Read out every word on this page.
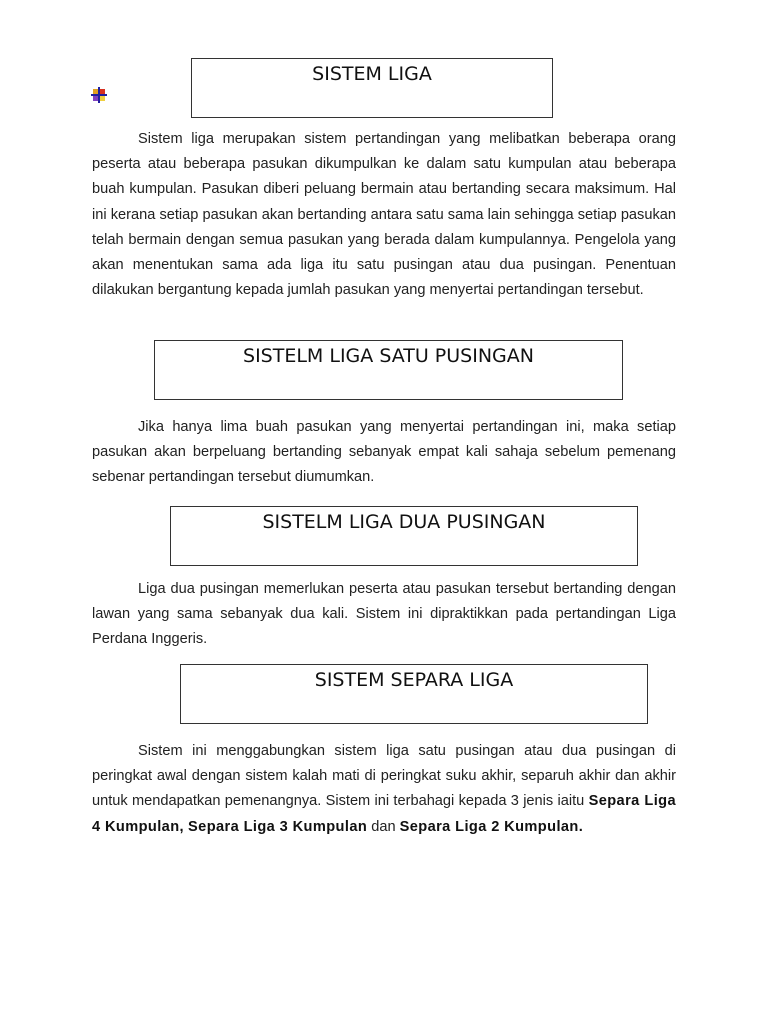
SISTEM LIGA

Sistem liga merupakan sistem pertandingan yang melibatkan beberapa orang peserta atau beberapa pasukan dikumpulkan ke dalam satu kumpulan atau beberapa buah kumpulan. Pasukan diberi peluang bermain atau bertanding secara maksimum. Hal ini kerana setiap pasukan akan bertanding antara satu sama lain sehingga setiap pasukan telah bermain dengan semua pasukan yang berada dalam kumpulannya. Pengelola yang akan menentukan sama ada liga itu satu pusingan atau dua pusingan. Penentuan dilakukan bergantung kepada jumlah pasukan yang menyertai pertandingan tersebut.

SISTELM LIGA SATU PUSINGAN

Jika hanya lima buah pasukan yang menyertai pertandingan ini, maka setiap pasukan akan berpeluang bertanding sebanyak empat kali sahaja sebelum pemenang sebenar pertandingan tersebut diumumkan.

SISTELM LIGA DUA PUSINGAN

Liga dua pusingan memerlukan peserta atau pasukan tersebut bertanding dengan lawan yang sama sebanyak dua kali. Sistem ini dipraktikkan pada pertandingan Liga Perdana Inggeris.

SISTEM SEPARA LIGA

Sistem ini menggabungkan sistem liga satu pusingan atau dua pusingan di peringkat awal dengan sistem kalah mati di peringkat suku akhir, separuh akhir dan akhir untuk mendapatkan pemenangnya. Sistem ini terbahagi kepada 3 jenis iaitu Separa Liga 4 Kumpulan, Separa Liga 3 Kumpulan dan Separa Liga 2 Kumpulan.
